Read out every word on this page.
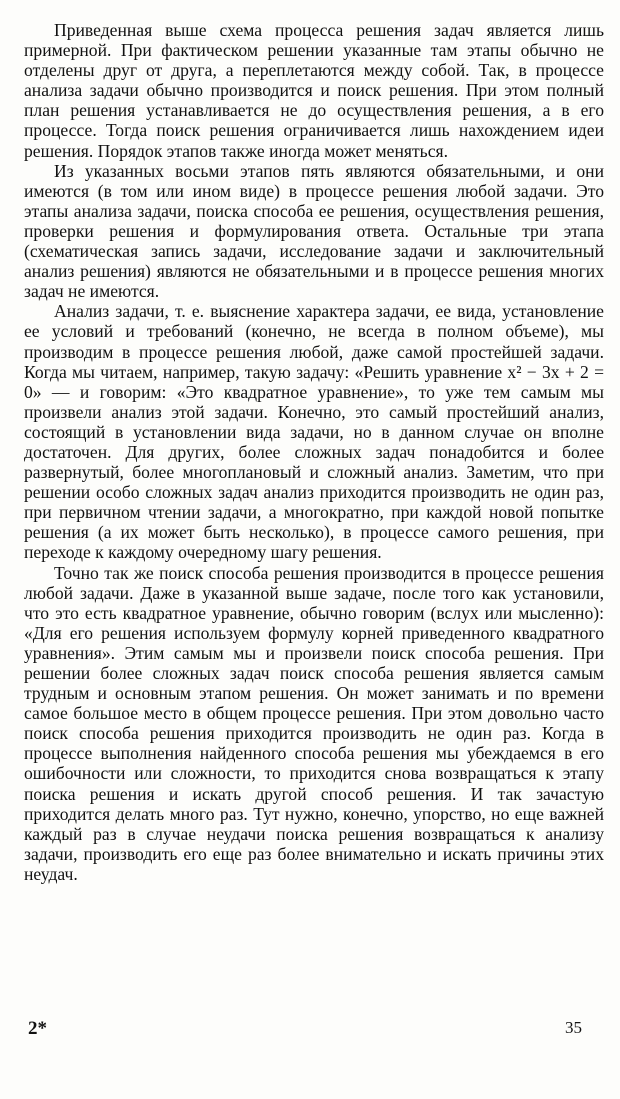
Приведенная выше схема процесса решения задач является лишь примерной. При фактическом решении указанные там этапы обычно не отделены друг от друга, а переплетаются между собой. Так, в процессе анализа задачи обычно производится и поиск решения. При этом полный план решения устанавливается не до осуществления решения, а в его процессе. Тогда поиск решения ограничивается лишь нахождением идеи решения. Порядок этапов также иногда может меняться.

Из указанных восьми этапов пять являются обязательными, и они имеются (в том или ином виде) в процессе решения любой задачи. Это этапы анализа задачи, поиска способа ее решения, осуществления решения, проверки решения и формулирования ответа. Остальные три этапа (схематическая запись задачи, исследование задачи и заключительный анализ решения) являются не обязательными и в процессе решения многих задач не имеются.

Анализ задачи, т. е. выяснение характера задачи, ее вида, установление ее условий и требований (конечно, не всегда в полном объеме), мы производим в процессе решения любой, даже самой простейшей задачи. Когда мы читаем, например, такую задачу: «Решить уравнение x² − 3x + 2 = 0» — и говорим: «Это квадратное уравнение», то уже тем самым мы произвели анализ этой задачи. Конечно, это самый простейший анализ, состоящий в установлении вида задачи, но в данном случае он вполне достаточен. Для других, более сложных задач понадобится и более развернутый, более многоплановый и сложный анализ. Заметим, что при решении особо сложных задач анализ приходится производить не один раз, при первичном чтении задачи, а многократно, при каждой новой попытке решения (а их может быть несколько), в процессе самого решения, при переходе к каждому очередному шагу решения.

Точно так же поиск способа решения производится в процессе решения любой задачи. Даже в указанной выше задаче, после того как установили, что это есть квадратное уравнение, обычно говорим (вслух или мысленно): «Для его решения используем формулу корней приведенного квадратного уравнения». Этим самым мы и произвели поиск способа решения. При решении более сложных задач поиск способа решения является самым трудным и основным этапом решения. Он может занимать и по времени самое большое место в общем процессе решения. При этом довольно часто поиск способа решения приходится производить не один раз. Когда в процессе выполнения найденного способа решения мы убеждаемся в его ошибочности или сложности, то приходится снова возвращаться к этапу поиска решения и искать другой способ решения. И так зачастую приходится делать много раз. Тут нужно, конечно, упорство, но еще важней каждый раз в случае неудачи поиска решения возвращаться к анализу задачи, производить его еще раз более внимательно и искать причины этих неудач.

2*	35
